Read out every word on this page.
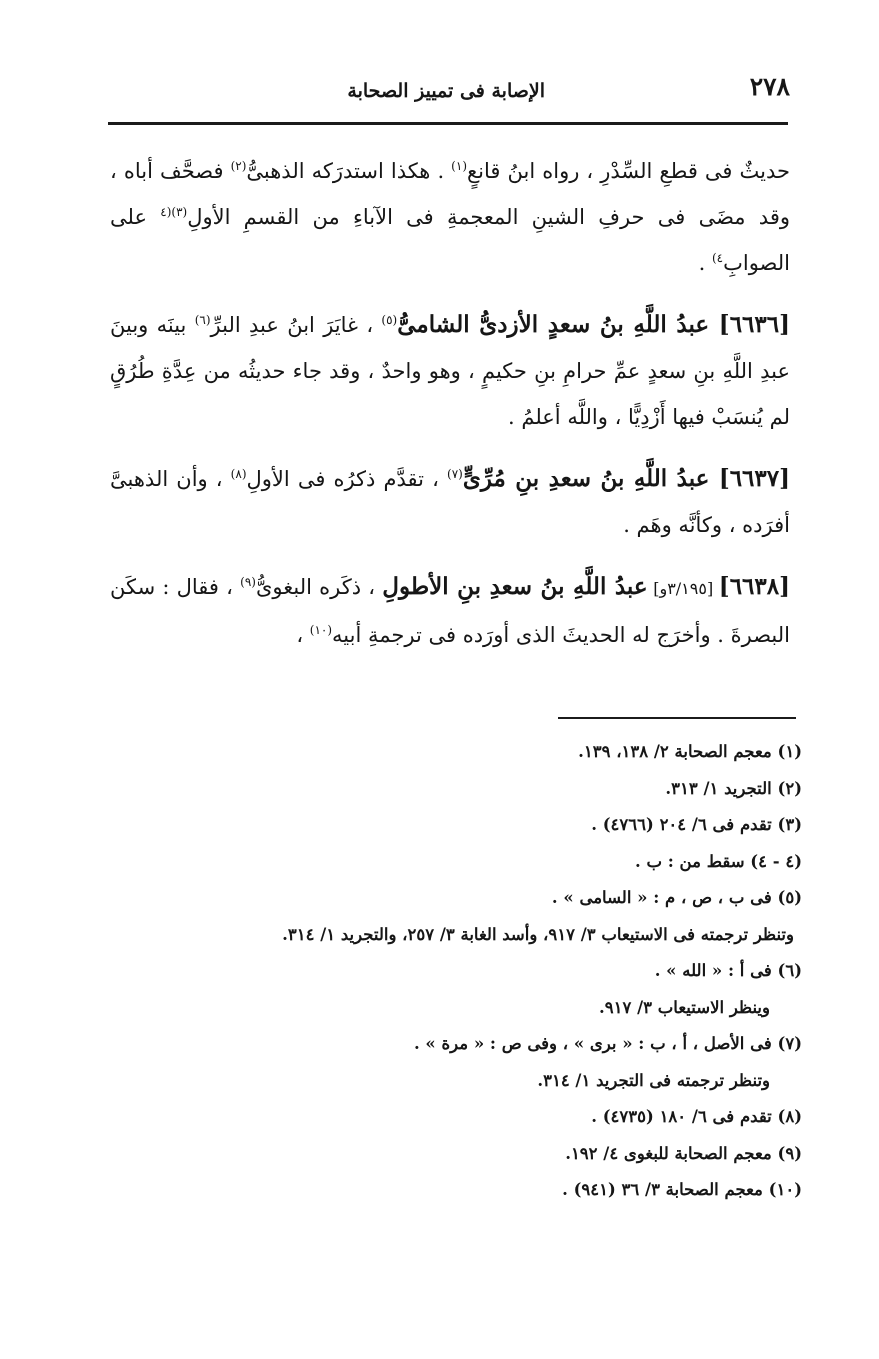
٢٧٨
الإصابة فى تمييز الصحابة

حديثٌ فى قطعِ السِّدْرِ ، رواه ابنُ قانعٍ$^{(١)}$ . هكذا استدرَكه الذهبىُّ$^{(٢)}$ فصحَّف أباه ، وقد مضَى فى حرفِ الشينِ المعجمةِ فى الآباءِ من القسمِ الأولِ$^{(٣)(٤}$ على الصوابِ$^{٤)}$ .

[٦٦٣٦] عبدُ اللَّهِ بنُ سعدٍ الأزدىُّ الشامىُّ$^{(٥)}$ ، غايَرَ ابنُ عبدِ البرِّ$^{(٦)}$ بينَه وبينَ عبدِ اللَّهِ بنِ سعدٍ عمِّ حرامِ بنِ حكيمٍ ، وهو واحدٌ ، وقد جاء حديثُه من عِدَّةِ طُرُقٍ لم يُنسَبْ فيها أَزْدِيًّا ، واللَّه أعلمُ .

[٦٦٣٧] عبدُ اللَّهِ بنُ سعدِ بنِ مُرِّىٍّ$^{(٧)}$ ، تقدَّم ذكرُه فى الأولِ$^{(٨)}$ ، وأن الذهبىَّ أفرَده ، وكأنَّه وهَم .

[٦٦٣٨] [٣/١٩٥و] عبدُ اللَّهِ بنُ سعدِ بنِ الأطولِ ، ذكَره البغوىُّ$^{(٩)}$ ، فقال : سكَن البصرةَ . وأخرَج له الحديثَ الذى أورَده فى ترجمةِ أبيه$^{(١٠)}$ ،

(١) معجم الصحابة ٢/ ١٣٨، ١٣٩.

(٢) التجريد ١/ ٣١٣.

(٣) تقدم فى ٦/ ٢٠٤ (٤٧٦٦) .

(٤ - ٤) سقط من : ب .

(٥) فى ب ، ص ، م : « السامى » .

وتنظر ترجمته فى الاستيعاب ٣/ ٩١٧، وأسد الغابة ٣/ ٢٥٧، والتجريد ١/ ٣١٤.

(٦) فى أ : « الله » .

وينظر الاستيعاب ٣/ ٩١٧.

(٧) فى الأصل ، أ ، ب : « برى » ، وفى ص : « مرة » .

وتنظر ترجمته فى التجريد ١/ ٣١٤.

(٨) تقدم فى ٦/ ١٨٠ (٤٧٣٥) .

(٩) معجم الصحابة للبغوى ٤/ ١٩٢.

(١٠) معجم الصحابة ٣/ ٣٦ (٩٤١) .
